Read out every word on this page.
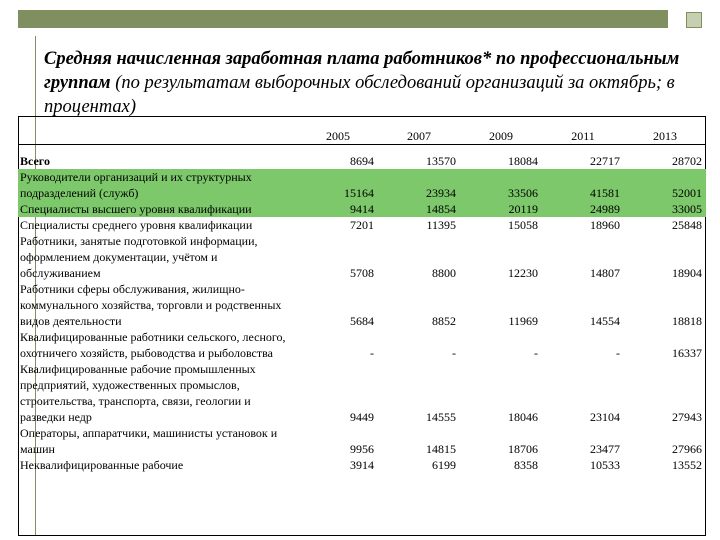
Средняя начисленная заработная плата работников* по профессиональным группам (по результатам выборочных обследований организаций за октябрь; в процентах)
	2005	2007	2009	2011	2013
Всего	8694	13570	18084	22717	28702
Руководители организаций и их структурных подразделений (служб)	15164	23934	33506	41581	52001
Специалисты высшего уровня квалификации	9414	14854	20119	24989	33005
Специалисты среднего уровня квалификации	7201	11395	15058	18960	25848
Работники, занятые подготовкой информации, оформлением документации, учётом и обслуживанием	5708	8800	12230	14807	18904
Работники сферы обслуживания, жилищно-коммунального хозяйства, торговли и родственных видов деятельности	5684	8852	11969	14554	18818
Квалифицированные работники сельского, лесного, охотничего хозяйств, рыбоводства и рыболовства	-	-	-	-	16337
Квалифицированные рабочие промышленных предприятий, художественных промыслов, строительства, транспорта, связи, геологии и разведки недр	9449	14555	18046	23104	27943
Операторы, аппаратчики, машинисты установок и машин	9956	14815	18706	23477	27966
Неквалифицированные рабочие	3914	6199	8358	10533	13552
